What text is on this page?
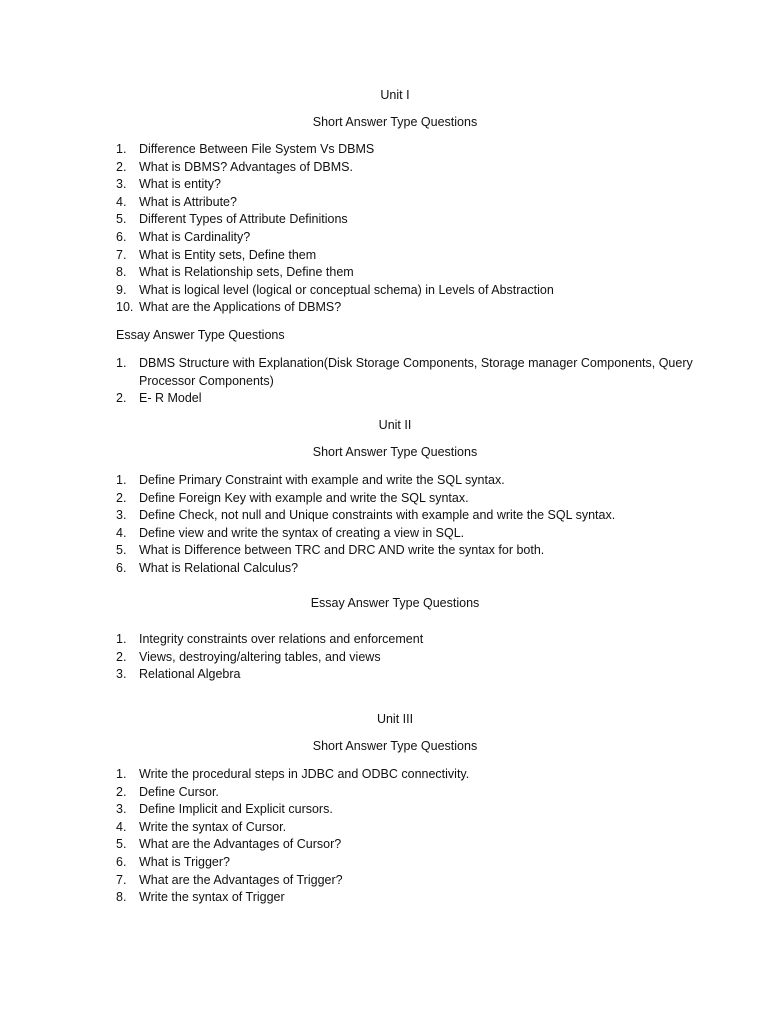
Unit I
Short Answer Type Questions
1. Difference Between File System Vs DBMS
2. What is DBMS? Advantages of DBMS.
3. What is entity?
4. What is Attribute?
5. Different Types of Attribute Definitions
6. What is Cardinality?
7. What is Entity sets, Define them
8. What is Relationship sets, Define them
9. What is logical level (logical or conceptual schema) in Levels of Abstraction
10. What are the Applications of DBMS?
Essay Answer Type Questions
1. DBMS Structure with Explanation(Disk Storage Components, Storage manager Components, Query Processor Components)
2. E- R Model
Unit II
Short Answer Type Questions
1. Define Primary Constraint with example and write the SQL syntax.
2. Define Foreign Key with example and write the SQL syntax.
3. Define Check, not null and Unique constraints with example and write the SQL syntax.
4. Define view and write the syntax of creating a view in SQL.
5. What is Difference between TRC and DRC AND write the syntax for both.
6. What is Relational Calculus?
Essay Answer Type Questions
1. Integrity constraints over relations and enforcement
2. Views, destroying/altering tables, and views
3. Relational Algebra
Unit III
Short Answer Type Questions
1. Write the procedural steps in JDBC and ODBC connectivity.
2. Define Cursor.
3. Define Implicit and Explicit cursors.
4. Write the syntax of Cursor.
5. What are the Advantages of Cursor?
6. What is Trigger?
7. What are the Advantages of Trigger?
8. Write the syntax of Trigger
